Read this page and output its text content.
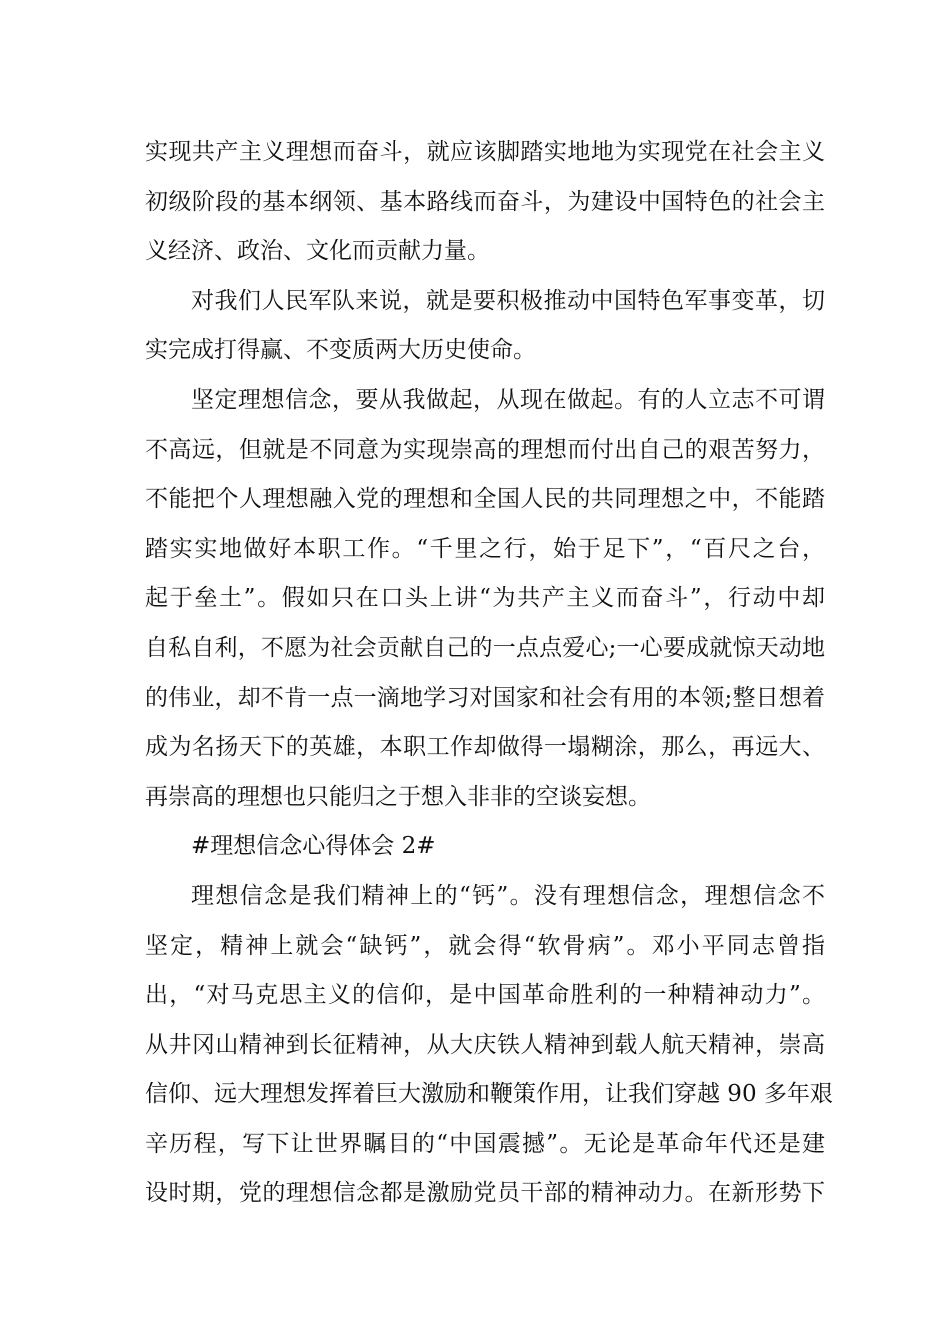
实现共产主义理想而奋斗，就应该脚踏实地地为实现党在社会主义
初级阶段的基本纲领、基本路线而奋斗，为建设中国特色的社会主
义经济、政治、文化而贡献力量。
对我们人民军队来说，就是要积极推动中国特色军事变革，切
实完成打得赢、不变质两大历史使命。
坚定理想信念，要从我做起，从现在做起。有的人立志不可谓
不高远，但就是不同意为实现崇高的理想而付出自己的艰苦努力，
不能把个人理想融入党的理想和全国人民的共同理想之中，不能踏
踏实实地做好本职工作。“千里之行，始于足下”，“百尺之台，
起于垒土”。假如只在口头上讲“为共产主义而奋斗”，行动中却
自私自利，不愿为社会贡献自己的一点点爱心;一心要成就惊天动地
的伟业，却不肯一点一滴地学习对国家和社会有用的本领;整日想着
成为名扬天下的英雄，本职工作却做得一塌糊涂，那么，再远大、
再崇高的理想也只能归之于想入非非的空谈妄想。
#理想信念心得体会 2#
理想信念是我们精神上的“钙”。没有理想信念，理想信念不
坚定，精神上就会“缺钙”，就会得“软骨病”。邓小平同志曾指
出，“对马克思主义的信仰，是中国革命胜利的一种精神动力”。
从井冈山精神到长征精神，从大庆铁人精神到载人航天精神，崇高
信仰、远大理想发挥着巨大激励和鞭策作用，让我们穿越 90 多年艰
辛历程，写下让世界瞩目的“中国震撼”。无论是革命年代还是建
设时期，党的理想信念都是激励党员干部的精神动力。在新形势下
